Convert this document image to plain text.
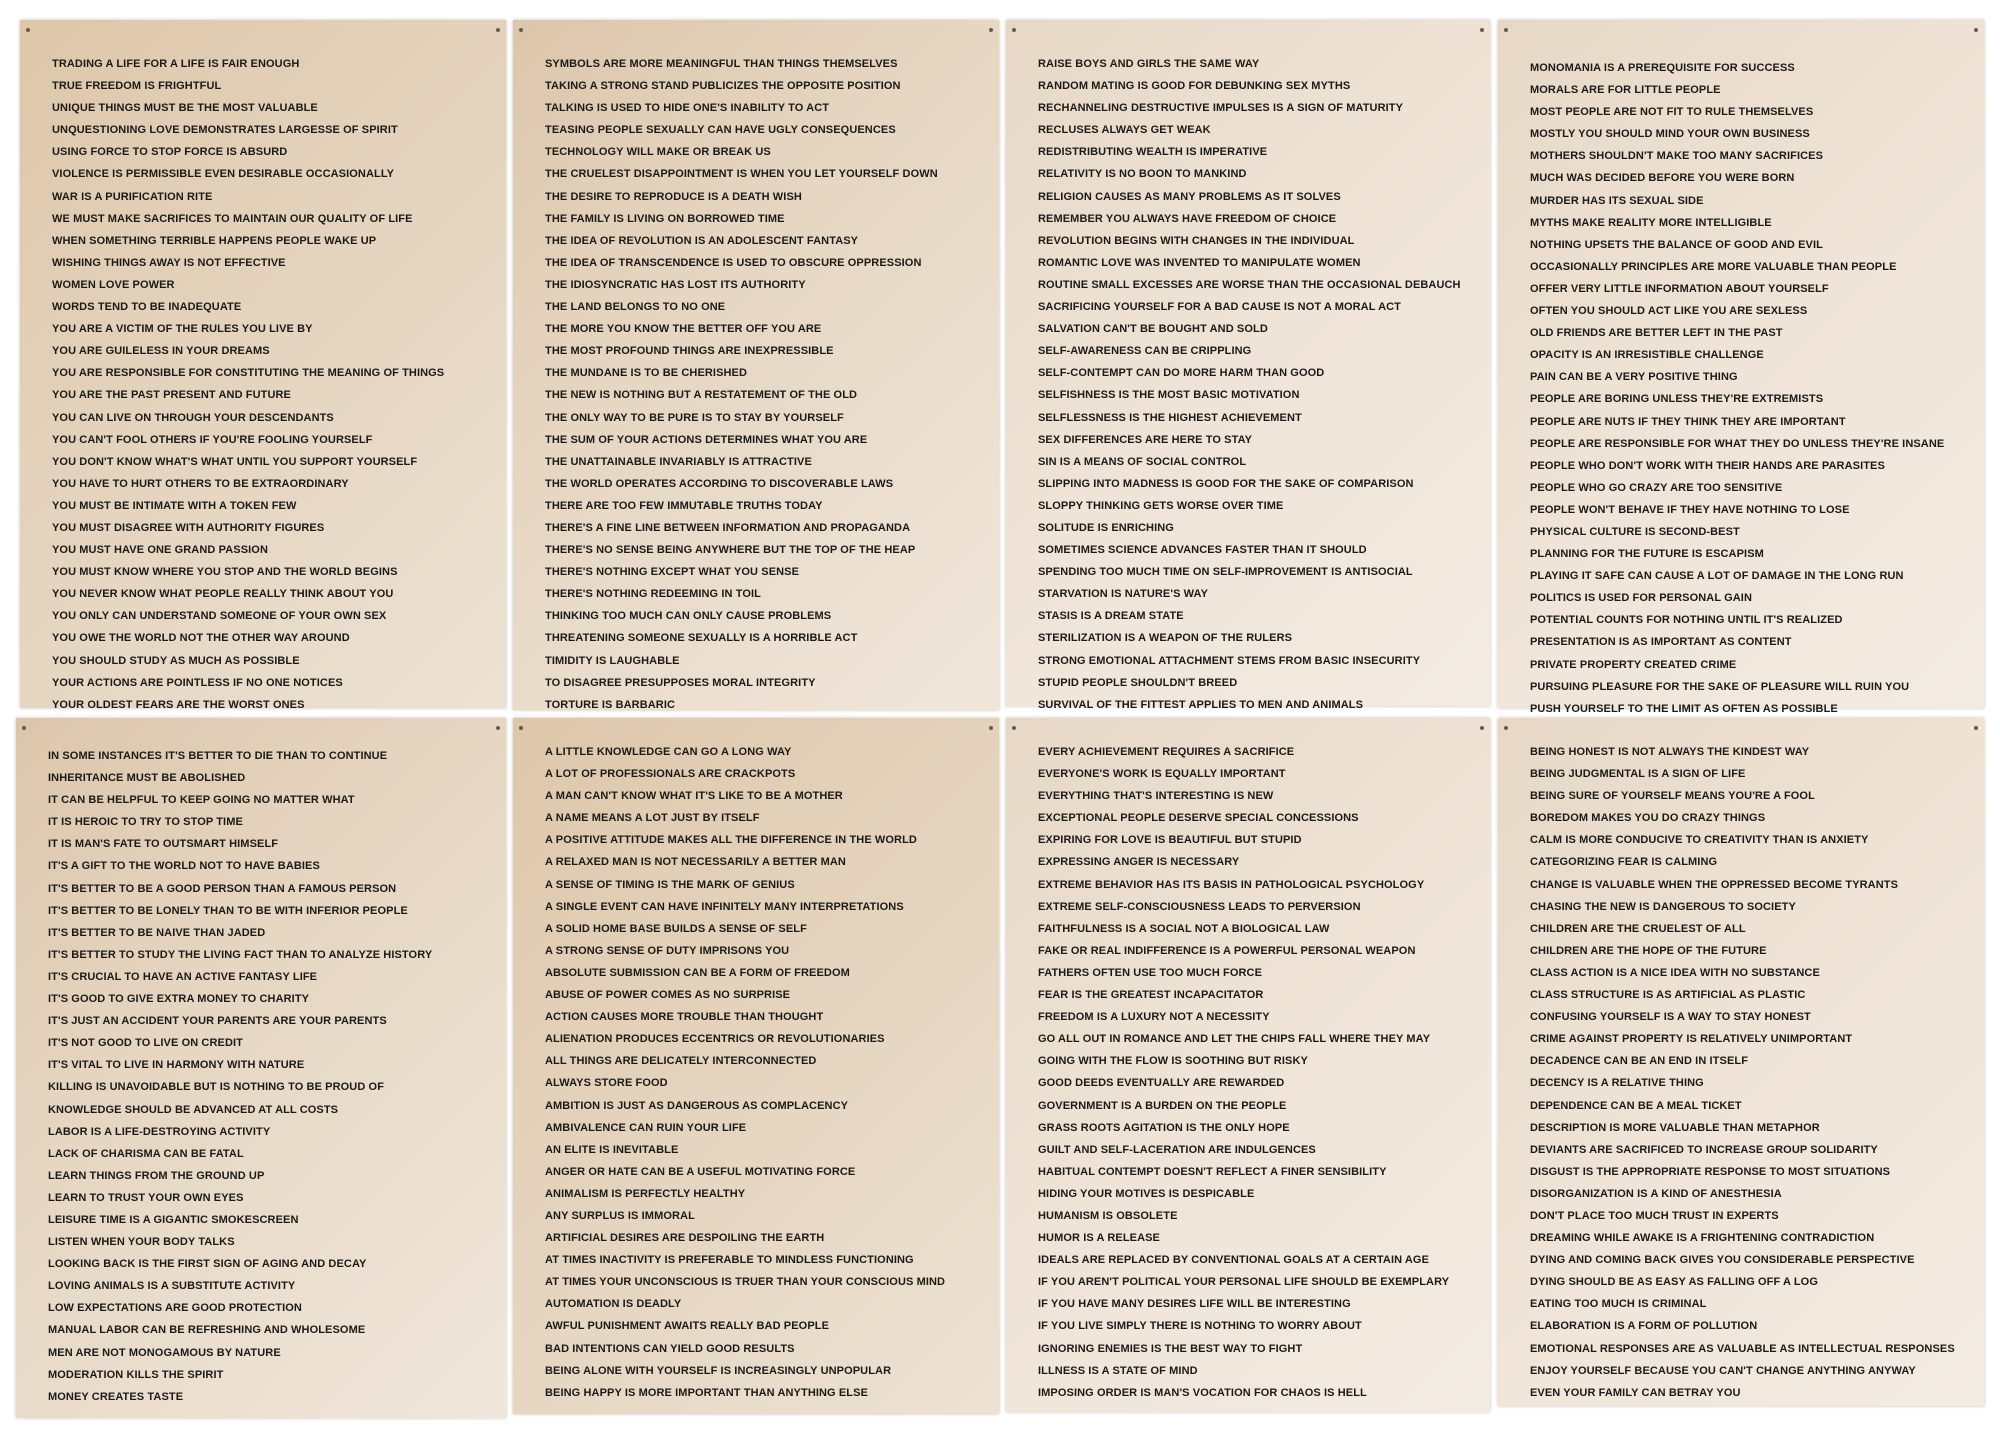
TRADING A LIFE FOR A LIFE IS FAIR ENOUGH
TRUE FREEDOM IS FRIGHTFUL
UNIQUE THINGS MUST BE THE MOST VALUABLE
UNQUESTIONING LOVE DEMONSTRATES LARGESSE OF SPIRIT
USING FORCE TO STOP FORCE IS ABSURD
VIOLENCE IS PERMISSIBLE EVEN DESIRABLE OCCASIONALLY
WAR IS A PURIFICATION RITE
WE MUST MAKE SACRIFICES TO MAINTAIN OUR QUALITY OF LIFE
WHEN SOMETHING TERRIBLE HAPPENS PEOPLE WAKE UP
WISHING THINGS AWAY IS NOT EFFECTIVE
WOMEN LOVE POWER
WORDS TEND TO BE INADEQUATE
YOU ARE A VICTIM OF THE RULES YOU LIVE BY
YOU ARE GUILELESS IN YOUR DREAMS
YOU ARE RESPONSIBLE FOR CONSTITUTING THE MEANING OF THINGS
YOU ARE THE PAST PRESENT AND FUTURE
YOU CAN LIVE ON THROUGH YOUR DESCENDANTS
YOU CAN'T FOOL OTHERS IF YOU'RE FOOLING YOURSELF
YOU DON'T KNOW WHAT'S WHAT UNTIL YOU SUPPORT YOURSELF
YOU HAVE TO HURT OTHERS TO BE EXTRAORDINARY
YOU MUST BE INTIMATE WITH A TOKEN FEW
YOU MUST DISAGREE WITH AUTHORITY FIGURES
YOU MUST HAVE ONE GRAND PASSION
YOU MUST KNOW WHERE YOU STOP AND THE WORLD BEGINS
YOU NEVER KNOW WHAT PEOPLE REALLY THINK ABOUT YOU
YOU ONLY CAN UNDERSTAND SOMEONE OF YOUR OWN SEX
YOU OWE THE WORLD NOT THE OTHER WAY AROUND
YOU SHOULD STUDY AS MUCH AS POSSIBLE
YOUR ACTIONS ARE POINTLESS IF NO ONE NOTICES
YOUR OLDEST FEARS ARE THE WORST ONES
SYMBOLS ARE MORE MEANINGFUL THAN THINGS THEMSELVES
TAKING A STRONG STAND PUBLICIZES THE OPPOSITE POSITION
TALKING IS USED TO HIDE ONE'S INABILITY TO ACT
TEASING PEOPLE SEXUALLY CAN HAVE UGLY CONSEQUENCES
TECHNOLOGY WILL MAKE OR BREAK US
THE CRUELEST DISAPPOINTMENT IS WHEN YOU LET YOURSELF DOWN
THE DESIRE TO REPRODUCE IS A DEATH WISH
THE FAMILY IS LIVING ON BORROWED TIME
THE IDEA OF REVOLUTION IS AN ADOLESCENT FANTASY
THE IDEA OF TRANSCENDENCE IS USED TO OBSCURE OPPRESSION
THE IDIOSYNCRATIC HAS LOST ITS AUTHORITY
THE LAND BELONGS TO NO ONE
THE MORE YOU KNOW THE BETTER OFF YOU ARE
THE MOST PROFOUND THINGS ARE INEXPRESSIBLE
THE MUNDANE IS TO BE CHERISHED
THE NEW IS NOTHING BUT A RESTATEMENT OF THE OLD
THE ONLY WAY TO BE PURE IS TO STAY BY YOURSELF
THE SUM OF YOUR ACTIONS DETERMINES WHAT YOU ARE
THE UNATTAINABLE INVARIABLY IS ATTRACTIVE
THE WORLD OPERATES ACCORDING TO DISCOVERABLE LAWS
THERE ARE TOO FEW IMMUTABLE TRUTHS TODAY
THERE'S A FINE LINE BETWEEN INFORMATION AND PROPAGANDA
THERE'S NO SENSE BEING ANYWHERE BUT THE TOP OF THE HEAP
THERE'S NOTHING EXCEPT WHAT YOU SENSE
THERE'S NOTHING REDEEMING IN TOIL
THINKING TOO MUCH CAN ONLY CAUSE PROBLEMS
THREATENING SOMEONE SEXUALLY IS A HORRIBLE ACT
TIMIDITY IS LAUGHABLE
TO DISAGREE PRESUPPOSES MORAL INTEGRITY
TORTURE IS BARBARIC
RAISE BOYS AND GIRLS THE SAME WAY
RANDOM MATING IS GOOD FOR DEBUNKING SEX MYTHS
RECHANNELING DESTRUCTIVE IMPULSES IS A SIGN OF MATURITY
RECLUSES ALWAYS GET WEAK
REDISTRIBUTING WEALTH IS IMPERATIVE
RELATIVITY IS NO BOON TO MANKIND
RELIGION CAUSES AS MANY PROBLEMS AS IT SOLVES
REMEMBER YOU ALWAYS HAVE FREEDOM OF CHOICE
REVOLUTION BEGINS WITH CHANGES IN THE INDIVIDUAL
ROMANTIC LOVE WAS INVENTED TO MANIPULATE WOMEN
ROUTINE SMALL EXCESSES ARE WORSE THAN THE OCCASIONAL DEBAUCH
SACRIFICING YOURSELF FOR A BAD CAUSE IS NOT A MORAL ACT
SALVATION CAN'T BE BOUGHT AND SOLD
SELF-AWARENESS CAN BE CRIPPLING
SELF-CONTEMPT CAN DO MORE HARM THAN GOOD
SELFISHNESS IS THE MOST BASIC MOTIVATION
SELFLESSNESS IS THE HIGHEST ACHIEVEMENT
SEX DIFFERENCES ARE HERE TO STAY
SIN IS A MEANS OF SOCIAL CONTROL
SLIPPING INTO MADNESS IS GOOD FOR THE SAKE OF COMPARISON
SLOPPY THINKING GETS WORSE OVER TIME
SOLITUDE IS ENRICHING
SOMETIMES SCIENCE ADVANCES FASTER THAN IT SHOULD
SPENDING TOO MUCH TIME ON SELF-IMPROVEMENT IS ANTISOCIAL
STARVATION IS NATURE'S WAY
STASIS IS A DREAM STATE
STERILIZATION IS A WEAPON OF THE RULERS
STRONG EMOTIONAL ATTACHMENT STEMS FROM BASIC INSECURITY
STUPID PEOPLE SHOULDN'T BREED
SURVIVAL OF THE FITTEST APPLIES TO MEN AND ANIMALS
MONOMANIA IS A PREREQUISITE FOR SUCCESS
MORALS ARE FOR LITTLE PEOPLE
MOST PEOPLE ARE NOT FIT TO RULE THEMSELVES
MOSTLY YOU SHOULD MIND YOUR OWN BUSINESS
MOTHERS SHOULDN'T MAKE TOO MANY SACRIFICES
MUCH WAS DECIDED BEFORE YOU WERE BORN
MURDER HAS ITS SEXUAL SIDE
MYTHS MAKE REALITY MORE INTELLIGIBLE
NOTHING UPSETS THE BALANCE OF GOOD AND EVIL
OCCASIONALLY PRINCIPLES ARE MORE VALUABLE THAN PEOPLE
OFFER VERY LITTLE INFORMATION ABOUT YOURSELF
OFTEN YOU SHOULD ACT LIKE YOU ARE SEXLESS
OLD FRIENDS ARE BETTER LEFT IN THE PAST
OPACITY IS AN IRRESISTIBLE CHALLENGE
PAIN CAN BE A VERY POSITIVE THING
PEOPLE ARE BORING UNLESS THEY'RE EXTREMISTS
PEOPLE ARE NUTS IF THEY THINK THEY ARE IMPORTANT
PEOPLE ARE RESPONSIBLE FOR WHAT THEY DO UNLESS THEY'RE INSANE
PEOPLE WHO DON'T WORK WITH THEIR HANDS ARE PARASITES
PEOPLE WHO GO CRAZY ARE TOO SENSITIVE
PEOPLE WON'T BEHAVE IF THEY HAVE NOTHING TO LOSE
PHYSICAL CULTURE IS SECOND-BEST
PLANNING FOR THE FUTURE IS ESCAPISM
PLAYING IT SAFE CAN CAUSE A LOT OF DAMAGE IN THE LONG RUN
POLITICS IS USED FOR PERSONAL GAIN
POTENTIAL COUNTS FOR NOTHING UNTIL IT'S REALIZED
PRESENTATION IS AS IMPORTANT AS CONTENT
PRIVATE PROPERTY CREATED CRIME
PURSUING PLEASURE FOR THE SAKE OF PLEASURE WILL RUIN YOU
PUSH YOURSELF TO THE LIMIT AS OFTEN AS POSSIBLE
IN SOME INSTANCES IT'S BETTER TO DIE THAN TO CONTINUE
INHERITANCE MUST BE ABOLISHED
IT CAN BE HELPFUL TO KEEP GOING NO MATTER WHAT
IT IS HEROIC TO TRY TO STOP TIME
IT IS MAN'S FATE TO OUTSMART HIMSELF
IT'S A GIFT TO THE WORLD NOT TO HAVE BABIES
IT'S BETTER TO BE A GOOD PERSON THAN A FAMOUS PERSON
IT'S BETTER TO BE LONELY THAN TO BE WITH INFERIOR PEOPLE
IT'S BETTER TO BE NAIVE THAN JADED
IT'S BETTER TO STUDY THE LIVING FACT THAN TO ANALYZE HISTORY
IT'S CRUCIAL TO HAVE AN ACTIVE FANTASY LIFE
IT'S GOOD TO GIVE EXTRA MONEY TO CHARITY
IT'S JUST AN ACCIDENT YOUR PARENTS ARE YOUR PARENTS
IT'S NOT GOOD TO LIVE ON CREDIT
IT'S VITAL TO LIVE IN HARMONY WITH NATURE
KILLING IS UNAVOIDABLE BUT IS NOTHING TO BE PROUD OF
KNOWLEDGE SHOULD BE ADVANCED AT ALL COSTS
LABOR IS A LIFE-DESTROYING ACTIVITY
LACK OF CHARISMA CAN BE FATAL
LEARN THINGS FROM THE GROUND UP
LEARN TO TRUST YOUR OWN EYES
LEISURE TIME IS A GIGANTIC SMOKESCREEN
LISTEN WHEN YOUR BODY TALKS
LOOKING BACK IS THE FIRST SIGN OF AGING AND DECAY
LOVING ANIMALS IS A SUBSTITUTE ACTIVITY
LOW EXPECTATIONS ARE GOOD PROTECTION
MANUAL LABOR CAN BE REFRESHING AND WHOLESOME
MEN ARE NOT MONOGAMOUS BY NATURE
MODERATION KILLS THE SPIRIT
MONEY CREATES TASTE
A LITTLE KNOWLEDGE CAN GO A LONG WAY
A LOT OF PROFESSIONALS ARE CRACKPOTS
A MAN CAN'T KNOW WHAT IT'S LIKE TO BE A MOTHER
A NAME MEANS A LOT JUST BY ITSELF
A POSITIVE ATTITUDE MAKES ALL THE DIFFERENCE IN THE WORLD
A RELAXED MAN IS NOT NECESSARILY A BETTER MAN
A SENSE OF TIMING IS THE MARK OF GENIUS
A SINGLE EVENT CAN HAVE INFINITELY MANY INTERPRETATIONS
A SOLID HOME BASE BUILDS A SENSE OF SELF
A STRONG SENSE OF DUTY IMPRISONS YOU
ABSOLUTE SUBMISSION CAN BE A FORM OF FREEDOM
ABUSE OF POWER COMES AS NO SURPRISE
ACTION CAUSES MORE TROUBLE THAN THOUGHT
ALIENATION PRODUCES ECCENTRICS OR REVOLUTIONARIES
ALL THINGS ARE DELICATELY INTERCONNECTED
ALWAYS STORE FOOD
AMBITION IS JUST AS DANGEROUS AS COMPLACENCY
AMBIVALENCE CAN RUIN YOUR LIFE
AN ELITE IS INEVITABLE
ANGER OR HATE CAN BE A USEFUL MOTIVATING FORCE
ANIMALISM IS PERFECTLY HEALTHY
ANY SURPLUS IS IMMORAL
ARTIFICIAL DESIRES ARE DESPOILING THE EARTH
AT TIMES INACTIVITY IS PREFERABLE TO MINDLESS FUNCTIONING
AT TIMES YOUR UNCONSCIOUS IS TRUER THAN YOUR CONSCIOUS MIND
AUTOMATION IS DEADLY
AWFUL PUNISHMENT AWAITS REALLY BAD PEOPLE
BAD INTENTIONS CAN YIELD GOOD RESULTS
BEING ALONE WITH YOURSELF IS INCREASINGLY UNPOPULAR
BEING HAPPY IS MORE IMPORTANT THAN ANYTHING ELSE
EVERY ACHIEVEMENT REQUIRES A SACRIFICE
EVERYONE'S WORK IS EQUALLY IMPORTANT
EVERYTHING THAT'S INTERESTING IS NEW
EXCEPTIONAL PEOPLE DESERVE SPECIAL CONCESSIONS
EXPIRING FOR LOVE IS BEAUTIFUL BUT STUPID
EXPRESSING ANGER IS NECESSARY
EXTREME BEHAVIOR HAS ITS BASIS IN PATHOLOGICAL PSYCHOLOGY
EXTREME SELF-CONSCIOUSNESS LEADS TO PERVERSION
FAITHFULNESS IS A SOCIAL NOT A BIOLOGICAL LAW
FAKE OR REAL INDIFFERENCE IS A POWERFUL PERSONAL WEAPON
FATHERS OFTEN USE TOO MUCH FORCE
FEAR IS THE GREATEST INCAPACITATOR
FREEDOM IS A LUXURY NOT A NECESSITY
GO ALL OUT IN ROMANCE AND LET THE CHIPS FALL WHERE THEY MAY
GOING WITH THE FLOW IS SOOTHING BUT RISKY
GOOD DEEDS EVENTUALLY ARE REWARDED
GOVERNMENT IS A BURDEN ON THE PEOPLE
GRASS ROOTS AGITATION IS THE ONLY HOPE
GUILT AND SELF-LACERATION ARE INDULGENCES
HABITUAL CONTEMPT DOESN'T REFLECT A FINER SENSIBILITY
HIDING YOUR MOTIVES IS DESPICABLE
HUMANISM IS OBSOLETE
HUMOR IS A RELEASE
IDEALS ARE REPLACED BY CONVENTIONAL GOALS AT A CERTAIN AGE
IF YOU AREN'T POLITICAL YOUR PERSONAL LIFE SHOULD BE EXEMPLARY
IF YOU HAVE MANY DESIRES LIFE WILL BE INTERESTING
IF YOU LIVE SIMPLY THERE IS NOTHING TO WORRY ABOUT
IGNORING ENEMIES IS THE BEST WAY TO FIGHT
ILLNESS IS A STATE OF MIND
IMPOSING ORDER IS MAN'S VOCATION FOR CHAOS IS HELL
BEING HONEST IS NOT ALWAYS THE KINDEST WAY
BEING JUDGMENTAL IS A SIGN OF LIFE
BEING SURE OF YOURSELF MEANS YOU'RE A FOOL
BOREDOM MAKES YOU DO CRAZY THINGS
CALM IS MORE CONDUCIVE TO CREATIVITY THAN IS ANXIETY
CATEGORIZING FEAR IS CALMING
CHANGE IS VALUABLE WHEN THE OPPRESSED BECOME TYRANTS
CHASING THE NEW IS DANGEROUS TO SOCIETY
CHILDREN ARE THE CRUELEST OF ALL
CHILDREN ARE THE HOPE OF THE FUTURE
CLASS ACTION IS A NICE IDEA WITH NO SUBSTANCE
CLASS STRUCTURE IS AS ARTIFICIAL AS PLASTIC
CONFUSING YOURSELF IS A WAY TO STAY HONEST
CRIME AGAINST PROPERTY IS RELATIVELY UNIMPORTANT
DECADENCE CAN BE AN END IN ITSELF
DECENCY IS A RELATIVE THING
DEPENDENCE CAN BE A MEAL TICKET
DESCRIPTION IS MORE VALUABLE THAN METAPHOR
DEVIANTS ARE SACRIFICED TO INCREASE GROUP SOLIDARITY
DISGUST IS THE APPROPRIATE RESPONSE TO MOST SITUATIONS
DISORGANIZATION IS A KIND OF ANESTHESIA
DON'T PLACE TOO MUCH TRUST IN EXPERTS
DREAMING WHILE AWAKE IS A FRIGHTENING CONTRADICTION
DYING AND COMING BACK GIVES YOU CONSIDERABLE PERSPECTIVE
DYING SHOULD BE AS EASY AS FALLING OFF A LOG
EATING TOO MUCH IS CRIMINAL
ELABORATION IS A FORM OF POLLUTION
EMOTIONAL RESPONSES ARE AS VALUABLE AS INTELLECTUAL RESPONSES
ENJOY YOURSELF BECAUSE YOU CAN'T CHANGE ANYTHING ANYWAY
EVEN YOUR FAMILY CAN BETRAY YOU
